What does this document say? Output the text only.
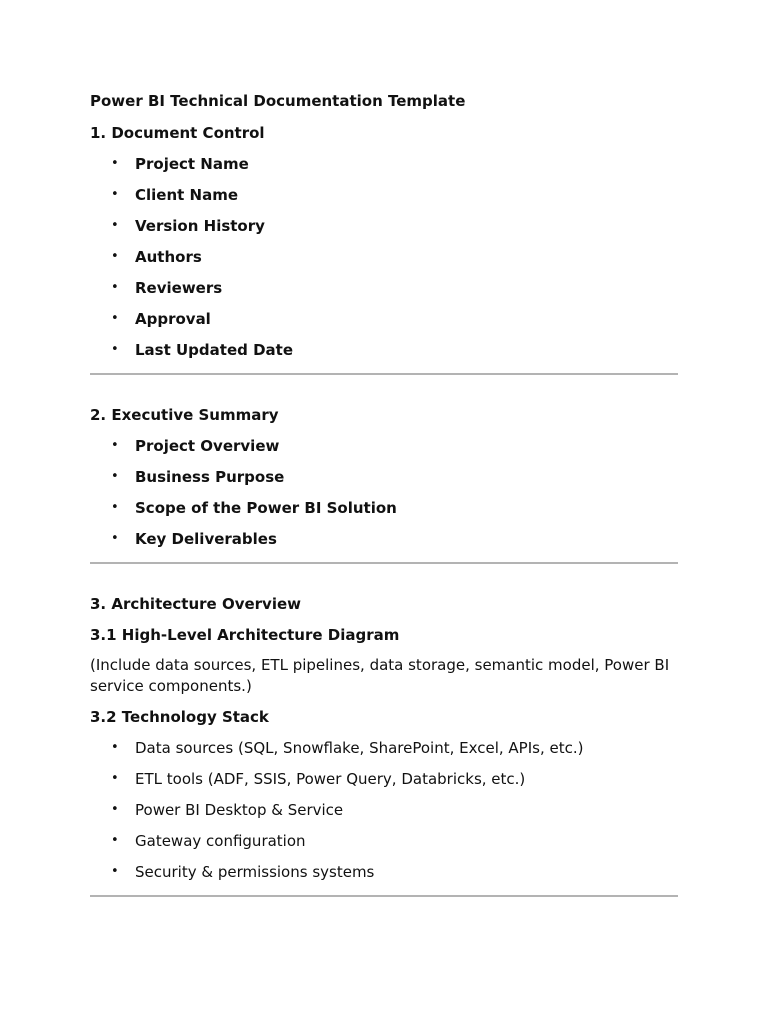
Power BI Technical Documentation Template
1. Document Control
• Project Name
• Client Name
• Version History
• Authors
• Reviewers
• Approval
• Last Updated Date
2. Executive Summary
• Project Overview
• Business Purpose
• Scope of the Power BI Solution
• Key Deliverables
3. Architecture Overview
3.1 High-Level Architecture Diagram
(Include data sources, ETL pipelines, data storage, semantic model, Power BI service components.)
3.2 Technology Stack
• Data sources (SQL, Snowflake, SharePoint, Excel, APIs, etc.)
• ETL tools (ADF, SSIS, Power Query, Databricks, etc.)
• Power BI Desktop & Service
• Gateway configuration
• Security & permissions systems
